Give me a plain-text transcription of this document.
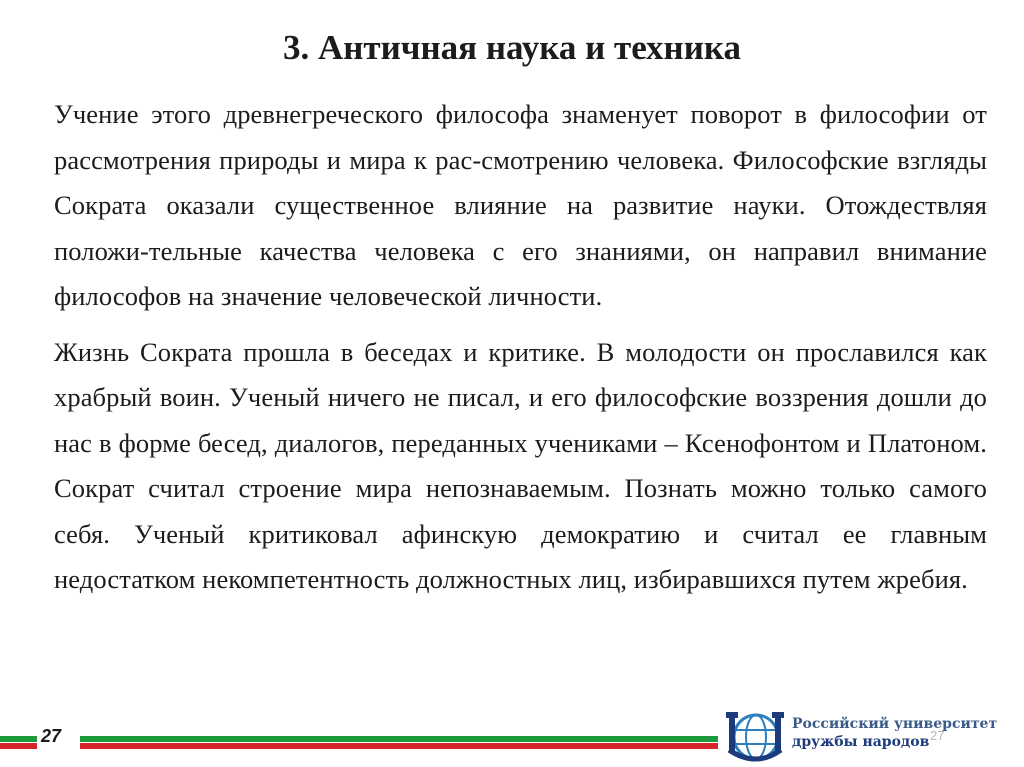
3. Античная наука и техника

Учение этого древнегреческого философа знаменует поворот в философии от рассмотрения природы и мира к рас-смотрению человека. Философские взгляды Сократа оказали существенное влияние на развитие науки. Отождествляя положи-тельные качества человека с его знаниями, он направил внимание философов на значение человеческой личности.

Жизнь Сократа прошла в беседах и критике. В молодости он прославился как храбрый воин. Ученый ничего не писал, и его философские воззрения дошли до нас в форме бесед, диалогов, переданных учениками – Ксенофонтом и Платоном. Сократ считал строение мира непознаваемым. Познать можно только самого себя. Ученый критиковал афинскую демократию и считал ее главным недостатком некомпетентность должностных лиц, избиравшихся путем жребия.

27
Российский университет
дружбы народов 27
